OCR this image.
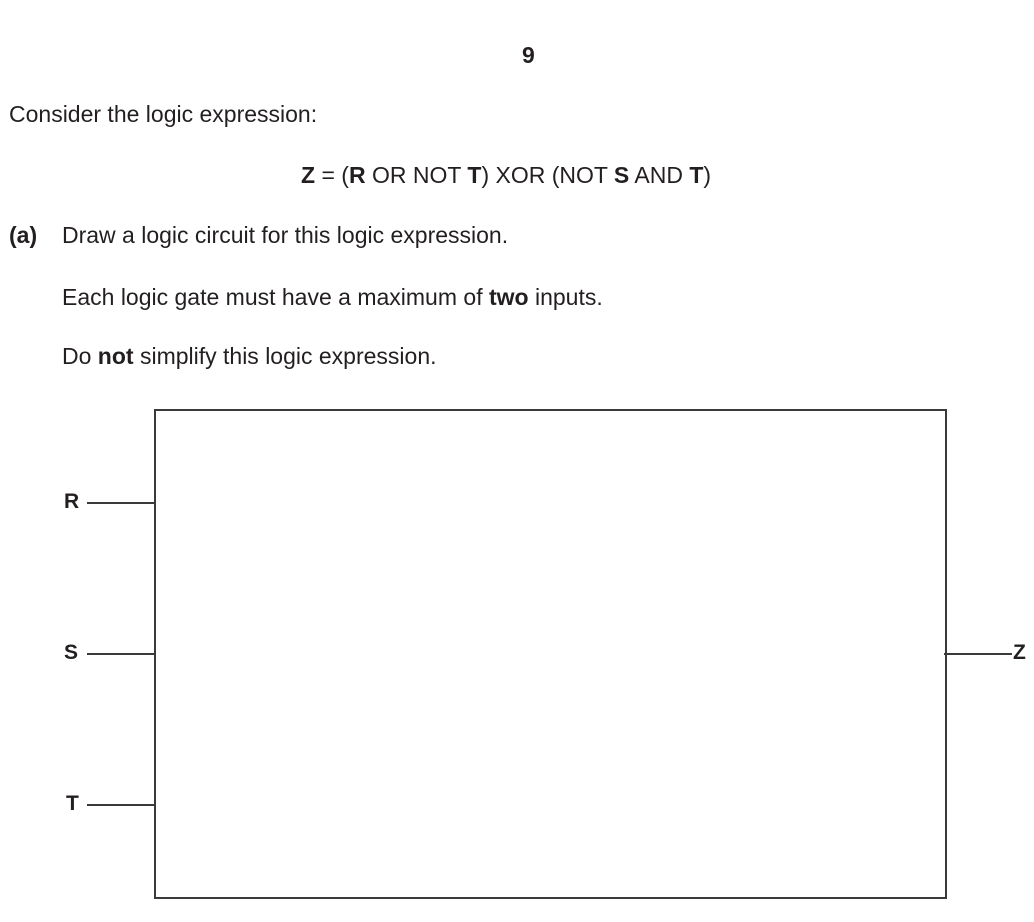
9
Consider the logic expression:
Z = (R OR NOT T) XOR (NOT S AND T)
(a) Draw a logic circuit for this logic expression.
Each logic gate must have a maximum of two inputs.
Do not simplify this logic expression.
R
S
T
Z
